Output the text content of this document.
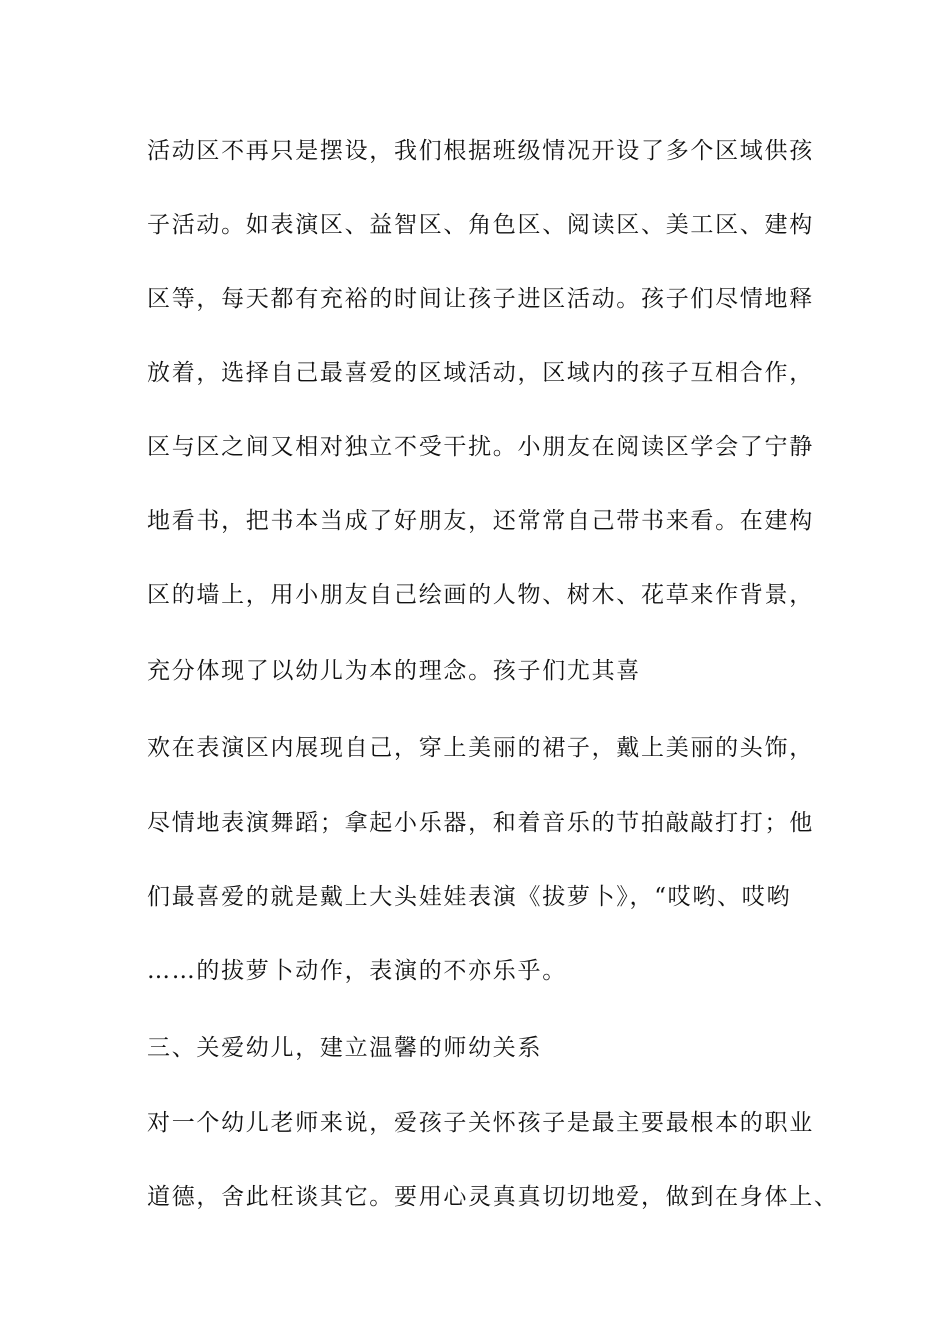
活动区不再只是摆设，我们根据班级情况开设了多个区域供孩
子活动。如表演区、益智区、角色区、阅读区、美工区、建构
区等，每天都有充裕的时间让孩子进区活动。孩子们尽情地释
放着，选择自己最喜爱的区域活动，区域内的孩子互相合作，
区与区之间又相对独立不受干扰。小朋友在阅读区学会了宁静
地看书，把书本当成了好朋友，还常常自己带书来看。在建构
区的墙上，用小朋友自己绘画的人物、树木、花草来作背景，
充分体现了以幼儿为本的理念。孩子们尤其喜
欢在表演区内展现自己，穿上美丽的裙子，戴上美丽的头饰，
尽情地表演舞蹈；拿起小乐器，和着音乐的节拍敲敲打打；他
们最喜爱的就是戴上大头娃娃表演《拔萝卜》，“哎哟、哎哟
……的拔萝卜动作，表演的不亦乐乎。
三、关爱幼儿，建立温馨的师幼关系
对一个幼儿老师来说，爱孩子关怀孩子是最主要最根本的职业
道德，舍此枉谈其它。要用心灵真真切切地爱，做到在身体上、
